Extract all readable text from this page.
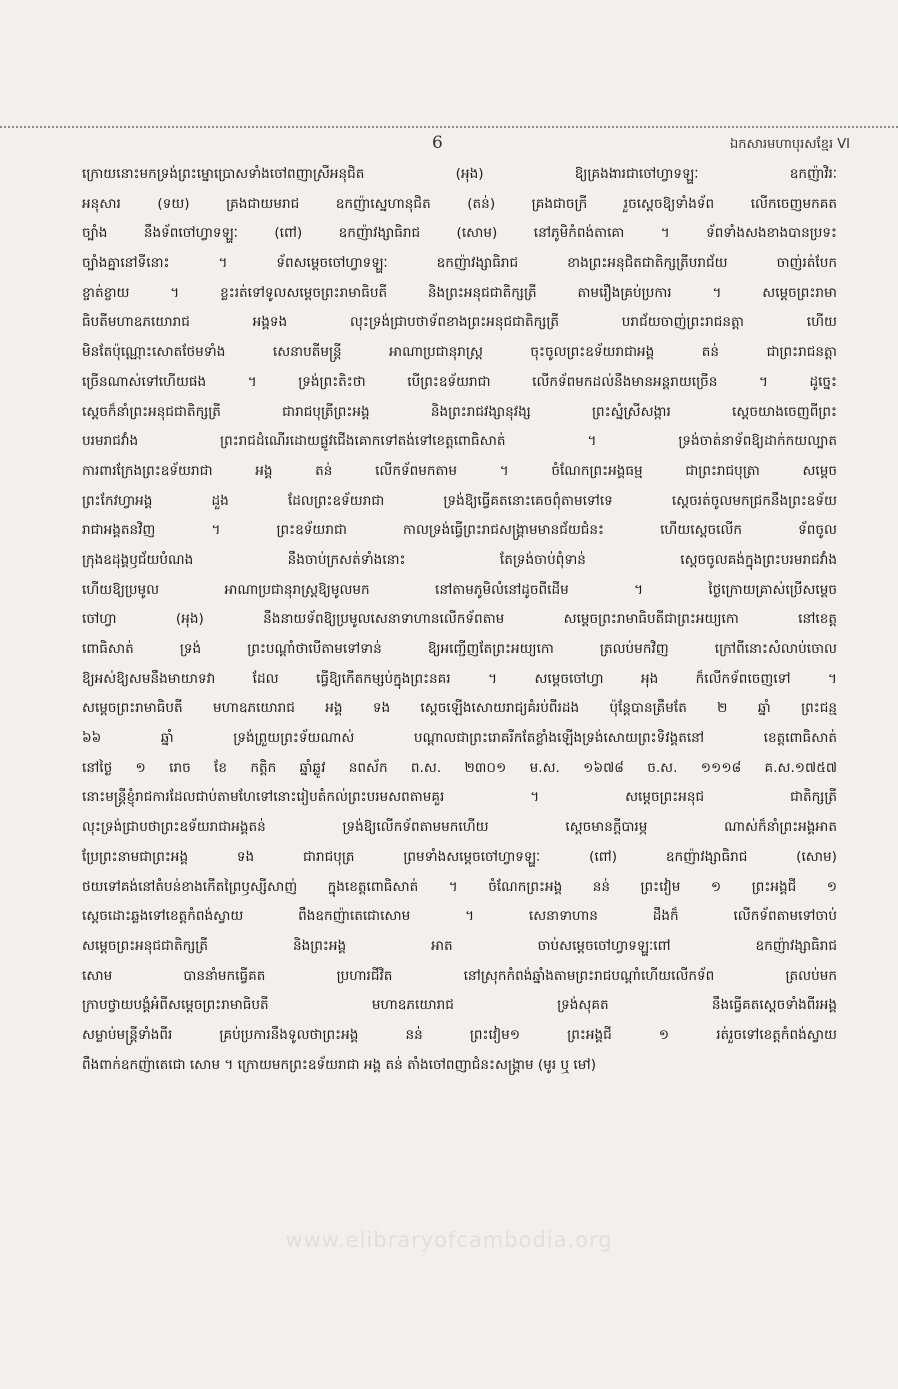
6	ឯកសារមហាបុរសខ្មែរ VI
ក្រោយនោះមកទ្រង់ព្រះម្នោប្រោសទាំងចៅពញាស្រីអនុជិត (អុង) ឱ្យគ្រងងារជាចៅហ្វាទឡ្ហៈ ឧកញ៉ាវិរៈ
អនុសារ (ទយ) គ្រងជាយមរាជ ឧកញ៉ាស្នេហានុជិត (តន់) គ្រងជាចក្រី រួចស្តេចឱ្យទាំងទ័ព លើកចេញមកគត
ច្បាំង នឹងទ័ពចៅហ្វាទឡ្ហៈ (ពៅ) ឧកញ៉ាវង្សាធិរាជ (សោម) នៅភូមិកំពង់តាគោ ។ ទ័ពទាំងសងខាងបានប្រទះ
ច្បាំងគ្នានៅទីនោះ ។ ទ័ពសម្តេចចៅហ្វាទឡ្ហៈ ឧកញ៉ាវង្សាធិរាជ ខាងព្រះអនុជិតជាតិក្សត្រីបរាជ័យ ចាញ់រត់បែក
ខ្ចាត់ខ្ចាយ ។ ខ្លះរត់ទៅទូលសម្តេចព្រះរាមាធិបតី និងព្រះអនុជជាតិក្សត្រី តាមរឿងគ្រប់ប្រការ ។ សម្តេចព្រះរាមា
ធិបតីមហាឧភយោរាជ អង្គទង លុះទ្រង់ជ្រាបថាទ័ពខាងព្រះអនុជជាតិក្សត្រី បរាជ័យចាញ់ព្រះរាជនត្តា ហើយ
មិនតែប៉ុណ្ណោះសោតថែមទាំង សេនាបតីមន្ត្រី អាណាប្រជានុរាស្ត្រ ចុះចូលព្រះឧទ័យរាជាអង្គ តន់ ជាព្រះរាជនត្តា
ច្រើនណាស់ទៅហើយផង ។ ទ្រង់ព្រះតិះថា បើព្រះឧទ័យរាជា លើកទ័ពមកដល់នឹងមានអន្តរាយច្រើន ។ ដូច្នេះ
ស្តេចក៏នាំព្រះអនុជជាតិក្សត្រី ជារាជបុត្រីព្រះអង្គ និងព្រះរាជវង្សានុវង្ស ព្រះស្នំស្រីសង្ការ ស្តេចយាងចេញពីព្រះ
បរមរាជវាំង ព្រះរាជដំណើរដោយផ្លូវជើងគោកទៅតង់ទៅខេត្តពោធិសាត់ ។ ទ្រង់ចាត់នាទ័ពឱ្យដាក់កយល្បាត
ការពារក្រែងព្រះឧទ័យរាជា អង្គ តន់ លើកទ័ពមកតាម ។ ចំណែកព្រះអង្គធម្ម ជាព្រះរាជបុត្រា សម្តេច
ព្រះកែវហ្វាអង្គ ដួង ដែលព្រះឧទ័យរាជា ទ្រង់ឱ្យធ្វើគតនោះគេចពុំតាមទៅទេ ស្តេចរត់ចូលមកជ្រកនឹងព្រះឧទ័យ
រាជាអង្គតនវិញ ។ ព្រះឧទ័យរាជា កាលទ្រង់ធ្វើព្រះរាជសង្គ្រាមមានជ័យជំនះ ហើយស្តេចលើក ទ័ពចូល
ក្រុងឧដុង្គឫជ័យបំណង នឹងចាប់ក្រសត់ទាំងនោះ តែទ្រង់ចាប់ពុំទាន់ ស្តេចចូលគង់ក្នុងព្រះបរមរាជវាំង
ហើយឱ្យប្រមូល អាណាប្រជានុរាស្ត្រឱ្យមូលមក នៅតាមភូមិលំនៅដូចពីដើម ។ ថ្ងៃក្រោយគ្រាស់ប្រើសម្តេច
ចៅហ្វា (អុង) នឹងនាយទ័ពឱ្យប្រមូលសេនាទាហានលើកទ័ពតាម សម្តេចព្រះរាមាធិបតីជាព្រះអយ្យកោ នៅខេត្ត
ពោធិសាត់ ទ្រង់ ព្រះបណ្តាំថាបើតាមទៅទាន់ ឱ្យអញ្ជើញតែព្រះអយ្យកោ ត្រលប់មកវិញ ក្រៅពីនោះសំលាប់ចោល
ឱ្យអស់ឱ្យសមនឹងមាយាទវា ដែល ធ្វើឱ្យកើតកម្សប់ក្នុងព្រះនគរ ។ សម្តេចចៅហ្វា អុង ក៏លើកទ័ពចេញទៅ ។
សម្តេចព្រះរាមាធិបតី មហាឧភយោរាជ អង្គ ទង ស្តេចឡើងសោយរាជ្យគំរប់ពីរដង ប៉ុន្តែបានត្រឹមតែ ២ ឆ្នាំ ព្រះជន្ម
៦៦ ឆ្នាំ ទ្រង់ព្រួយព្រះទ័យណាស់ បណ្តាលជាព្រះរោគរីកតែខ្លាំងឡើងទ្រង់សោយព្រះទិវង្គតនៅ ខេត្តពោធិសាត់
នៅថ្ងៃ ១ រោច ខែ កត្តិក ឆ្នាំឆ្លូវ នពស័ក ព.ស. ២៣០១ ម.ស. ១៦៧៨ ច.ស. ១១១៨ គ.ស.១៧៥៧
នោះមន្ត្រីខ្ញុំរាជការដែលជាប់តាមហែទៅនោះរៀបតំកល់ព្រះបរមសពតាមគួរ ។ សម្តេចព្រះអនុជ ជាតិក្សត្រី
លុះទ្រង់ជ្រាបថាព្រះឧទ័យរាជាអង្គតន់ ទ្រង់ឱ្យលើកទ័ពតាមមកហើយ ស្តេចមានក្តីបារម្ភ ណាស់ក៏នាំព្រះអង្គអាត
ប្រែព្រះនាមជាព្រះអង្គ ទង ជារាជបុត្រ ព្រមទាំងសម្តេចចៅហ្វាទឡ្ហៈ (ពៅ) ឧកញ៉ាវង្សាធិរាជ (សោម)
ថយទៅគង់នៅតំបន់ខាងកើតព្រៃឫស្សីសាញ់ ក្នុងខេត្តពោធិសាត់ ។ ចំណែកព្រះអង្គ នន់ ព្រះវៀម ១ ព្រះអង្គជី ១
ស្តេចដោះឆ្លងទៅខេត្តកំពង់ស្វាយ ពឹងឧកញ៉ាតេជោសោម ។ សេនាទាហាន ដឹងក៏ លើកទ័ពតាមទៅចាប់
សម្តេចព្រះអនុជជាតិក្សត្រី និងព្រះអង្គ អាត ចាប់សម្តេចចៅហ្វាទឡ្ហៈពៅ ឧកញ៉ាវង្សាធិរាជ
សោម បាននាំមកធ្វើគត ប្រហារជីវិត នៅស្រុកកំពង់ឆ្នាំងតាមព្រះរាជបណ្តាំហើយលើកទ័ព ត្រលប់មក
ក្រាបថ្វាយបង្គំអំពីសម្តេចព្រះរាមាធិបតី មហាឧភយោរាជ ទ្រង់សុគត នឹងធ្វើគតស្តេចទាំងពីរអង្គ
សម្លាប់មន្ត្រីទាំងពីរ គ្រប់ប្រការនឹងទូលថាព្រះអង្គ នន់ ព្រះវៀម១ ព្រះអង្គជី ១ រត់រួចទៅខេត្តកំពង់ស្វាយ
ពឹងពាក់ឧកញ៉ាតេជោ សោម ។ ក្រោយមកព្រះឧទ័យរាជា អង្គ តន់ តាំងចៅពញាជំនះសង្គ្រាម (មូរ ឬ មៅ)
www.elibraryofcambodia.org
